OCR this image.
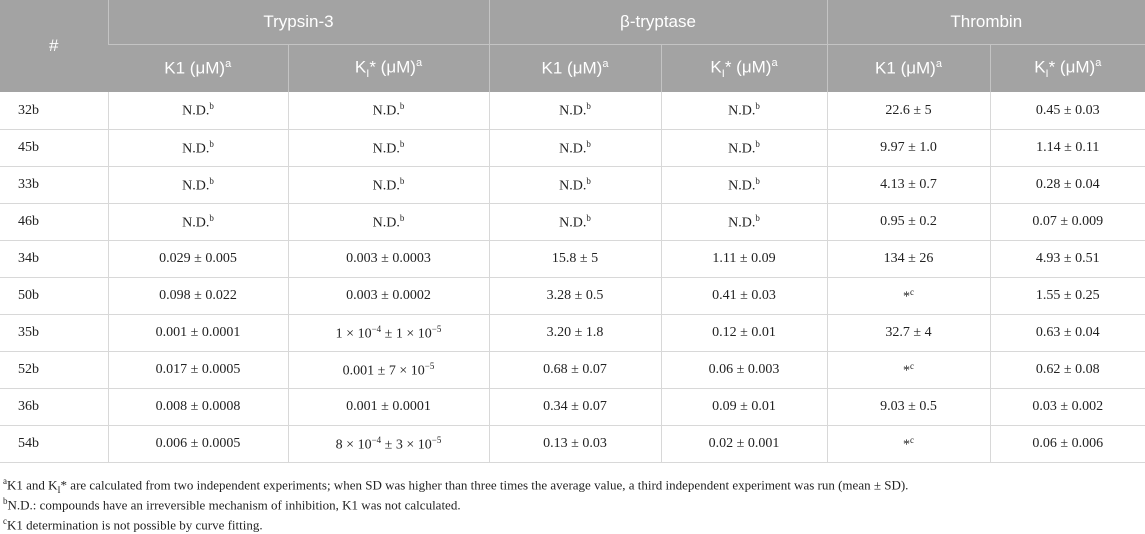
#	Trypsin-3		β-tryptase		Thrombin	
	K1 $(\mu M)^a$	$K_I*$ $(\mu M)^a$	K1 $(\mu M)^a$	$K_I*$ $(\mu M)^a$	K1 $(\mu M)^a$	$K_I*$ $(\mu M)^a$
32b	N.D.$^b$	N.D.$^b$	N.D.$^b$	N.D.$^b$	22.6 ± 5	0.45 ± 0.03
45b	N.D.$^b$	N.D.$^b$	N.D.$^b$	N.D.$^b$	9.97 ± 1.0	1.14 ± 0.11
33b	N.D.$^b$	N.D.$^b$	N.D.$^b$	N.D.$^b$	4.13 ± 0.7	0.28 ± 0.04
46b	N.D.$^b$	N.D.$^b$	N.D.$^b$	N.D.$^b$	0.95 ± 0.2	0.07 ± 0.009
34b	0.029 ± 0.005	0.003 ± 0.0003	15.8 ± 5	1.11 ± 0.09	134 ± 26	4.93 ± 0.51
50b	0.098 ± 0.022	0.003 ± 0.0002	3.28 ± 0.5	0.41 ± 0.03	*$^c$	1.55 ± 0.25
35b	0.001 ± 0.0001	$1 \times 10^{-4} \pm 1 \times 10^{-5}$	3.20 ± 1.8	0.12 ± 0.01	32.7 ± 4	0.63 ± 0.04
52b	0.017 ± 0.0005	$0.001 \pm 7 \times 10^{-5}$	0.68 ± 0.07	0.06 ± 0.003	*$^c$	0.62 ± 0.08
36b	0.008 ± 0.0008	0.001 ± 0.0001	0.34 ± 0.07	0.09 ± 0.01	9.03 ± 0.5	0.03 ± 0.002
54b	0.006 ± 0.0005	$8 \times 10^{-4} \pm 3 \times 10^{-5}$	0.13 ± 0.03	0.02 ± 0.001	*$^c$	0.06 ± 0.006
$^a$K1 and $K_I*$ are calculated from two independent experiments; when SD was higher than three times the average value, a third independent experiment was run (mean ± SD).
$^b$N.D.: compounds have an irreversible mechanism of inhibition, K1 was not calculated.
$^c$K1 determination is not possible by curve fitting.
